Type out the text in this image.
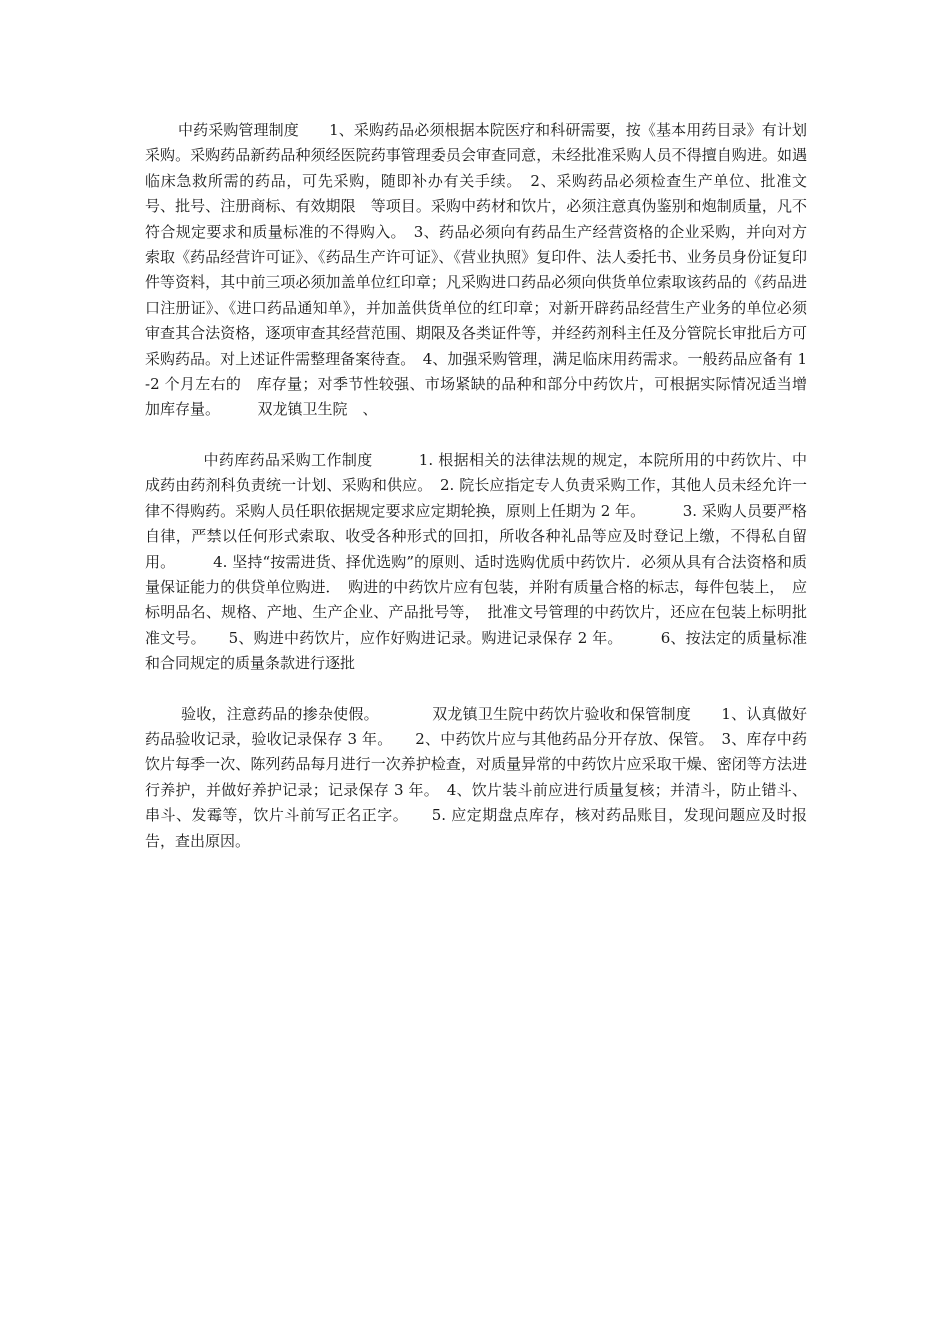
中药采购管理制度　　1、采购药品必须根据本院医疗和科研需要，按《基本用药目录》有计划　采购。采购药品新药品种须经医院药事管理委员会审查同意，未经批准采购人员不得擅自购进。如遇临床急救所需的药品，可先采购，随即补办有关手续。　2、采购药品必须检查生产单位、批准文号、批号、注册商标、有效期限　等项目。采购中药材和饮片，必须注意真伪鉴别和炮制质量，凡不符合规定要求和质量标准的不得购入。　3、药品必须向有药品生产经营资格的企业采购，并向对方索取《药品经营许可证》、《药品生产许可证》、《营业执照》复印件、法人委托书、业务员身份证复印件等资料，其中前三项必须加盖单位红印章；凡采购进口药品必须向供货单位索取该药品的《药品进口注册证》、《进口药品通知单》，并加盖供货单位的红印章；对新开辟药品经营生产业务的单位必须审查其合法资格，逐项审查其经营范围、期限及各类证件等，并经药剂科主任及分管院长审批后方可采购药品。对上述证件需整理备案待查。　4、加强采购管理，满足临床用药需求。一般药品应备有 1-2 个月左右的　库存量；对季节性较强、市场紧缺的品种和部分中药饮片，可根据实际情况适当增加库存量。　　　双龙镇卫生院　、

中药库药品采购工作制度　　　1. 根据相关的法律法规的规定，本院所用的中药饮片、中成药由药剂科负责统一计划、采购和供应。　2. 院长应指定专人负责采购工作，其他人员未经允许一律不得购药。采购人员任职依据规定要求应定期轮换，原则上任期为 2 年。　　　3. 采购人员要严格自律，严禁以任何形式索取、收受各种形式的回扣，所收各种礼品等应及时登记上缴，不得私自留用。　　　4. 坚持“按需进货、择优选购”的原则、适时选购优质中药饮片．必须从具有合法资格和质量保证能力的供贷单位购进．　购进的中药饮片应有包装，并附有质量合格的标志，每件包装上，　应标明品名、规格、产地、生产企业、产品批号等，　批准文号管理的中药饮片，还应在包装上标明批准文号。　　5、购进中药饮片，应作好购进记录。购进记录保存 2 年。　　　6、按法定的质量标准和合同规定的质量条款进行逐批

验收，注意药品的掺杂使假。　　　　双龙镇卫生院中药饮片验收和保管制度　　1、认真做好药品验收记录，验收记录保存 3 年。　　2、中药饮片应与其他药品分开存放、保管。　3、库存中药饮片每季一次、陈列药品每月进行一次养护检查，对质量异常的中药饮片应采取干燥、密闭等方法进行养护，并做好养护记录；记录保存 3 年。　4、饮片装斗前应进行质量复核；并清斗，防止错斗、串斗、发霉等，饮片斗前写正名正字。　　5. 应定期盘点库存，核对药品账目，发现问题应及时报告，查出原因。
